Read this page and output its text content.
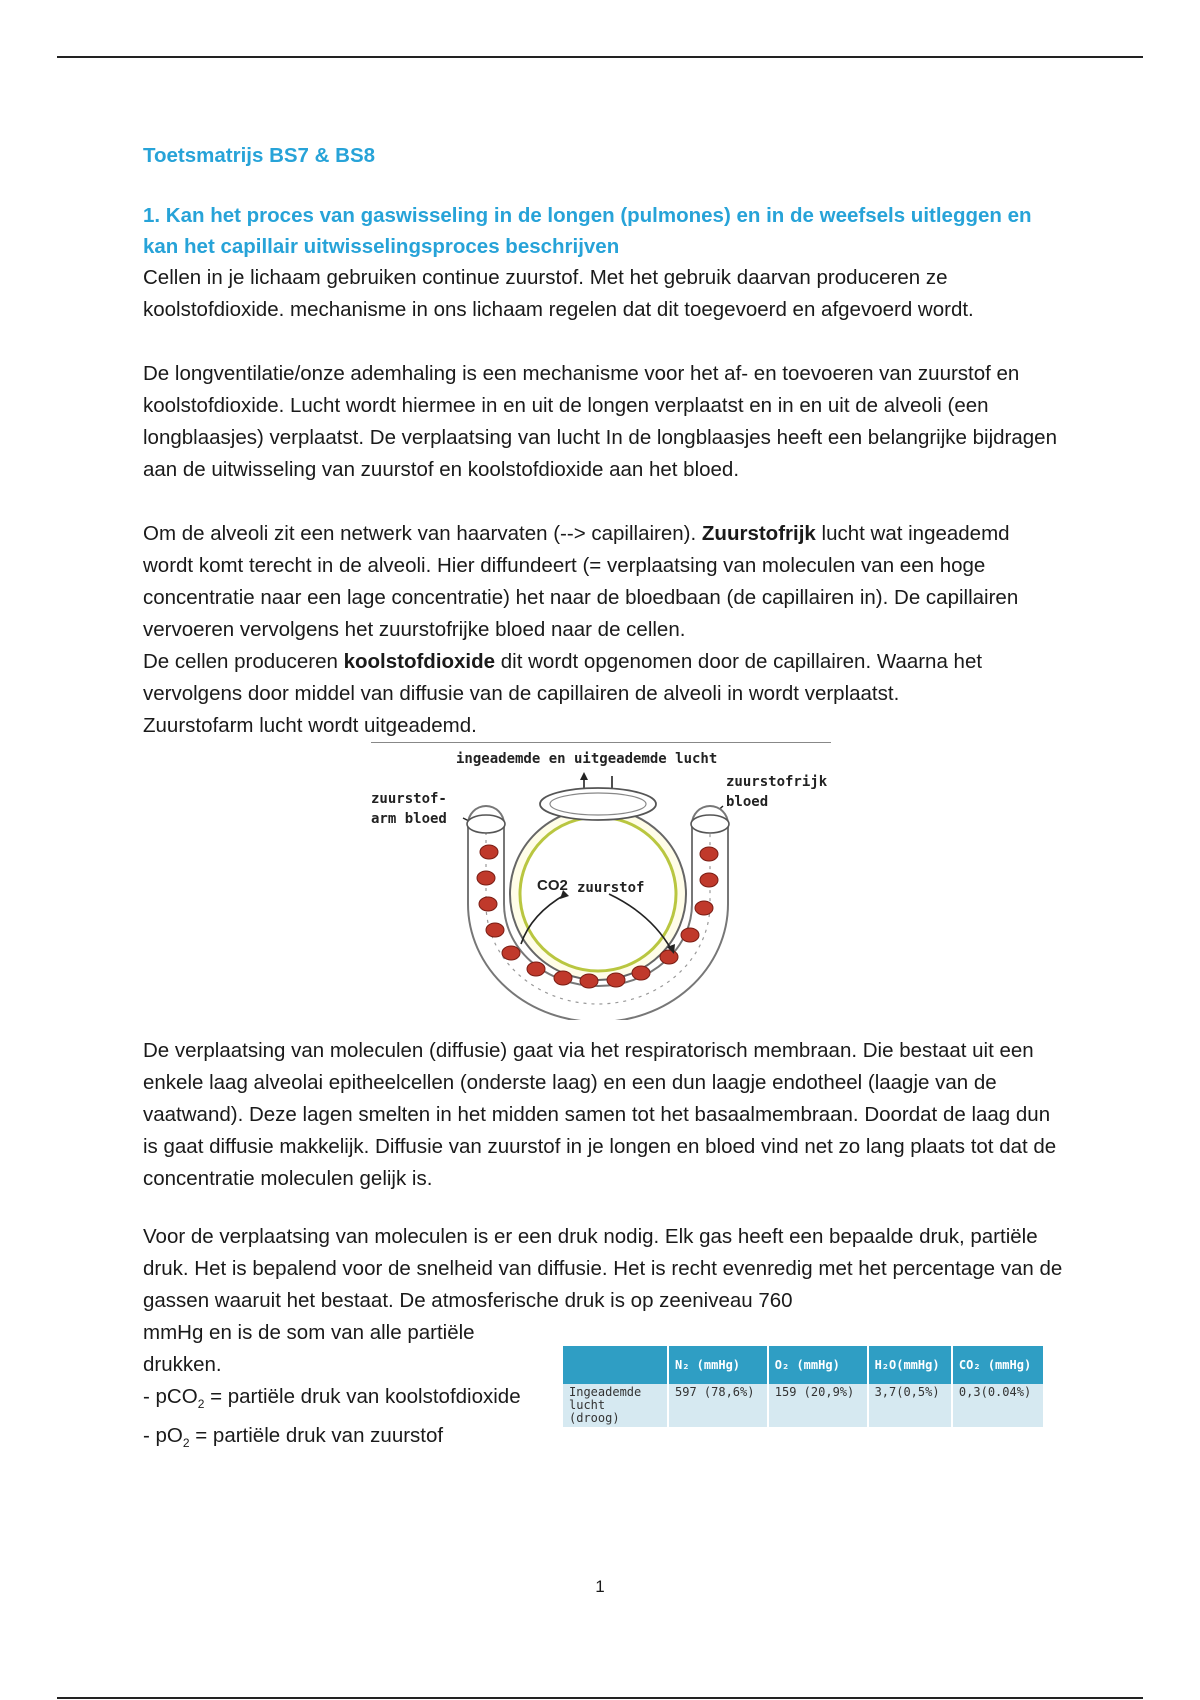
Toetsmatrijs BS7 & BS8
1. Kan het proces van gaswisseling in de longen (pulmones) en in de weefsels uitleggen en kan het capillair uitwisselingsproces beschrijven

Cellen in je lichaam gebruiken continue zuurstof. Met het gebruik daarvan produceren ze koolstofdioxide. mechanisme in ons lichaam regelen dat dit toegevoerd en afgevoerd wordt.

De longventilatie/onze ademhaling is een mechanisme voor het af- en toevoeren van zuurstof en koolstofdioxide. Lucht wordt hiermee in en uit de longen verplaatst en in en uit de alveoli (een longblaasjes) verplaatst. De verplaatsing van lucht In de longblaasjes heeft een belangrijke bijdragen aan de uitwisseling van zuurstof en koolstofdioxide aan het bloed.

Om de alveoli zit een netwerk van haarvaten (--> capillairen). Zuurstofrijk lucht wat ingeademd wordt komt terecht in de alveoli. Hier diffundeert (= verplaatsing van moleculen van een hoge concentratie naar een lage concentratie) het naar de bloedbaan (de capillairen in). De capillairen vervoeren vervolgens het zuurstofrijke bloed naar de cellen.

De cellen produceren koolstofdioxide dit wordt opgenomen door de capillairen. Waarna het vervolgens door middel van diffusie van de capillairen de alveoli in wordt verplaatst.

Zuurstofarm lucht wordt uitgeademd.

ingeademde en uitgeademde lucht
zuurstof-
arm bloed
zuurstofrijk
bloed
CO2 zuurstof

De verplaatsing van moleculen (diffusie) gaat via het respiratorisch membraan. Die bestaat uit een enkele laag alveolai epitheelcellen (onderste laag) en een dun laagje endotheel (laagje van de vaatwand). Deze lagen smelten in het midden samen tot het basaalmembraan. Doordat de laag dun is gaat diffusie makkelijk. Diffusie van zuurstof in je longen en bloed vind net zo lang plaats tot dat de concentratie moleculen gelijk is.

Voor de verplaatsing van moleculen is er een druk nodig. Elk gas heeft een bepaalde druk, partiële druk. Het is bepalend voor de snelheid van diffusie. Het is recht evenredig met het percentage van de gassen waaruit het bestaat. De atmosferische druk is op zeeniveau 760

mmHg en is de som van alle partiële drukken.

- pCO$_2$ = partiële druk van koolstofdioxide

- $pO_2$ = partiële druk van zuurstof

	N₂ (mmHg)	O₂ (mmHg)	H₂O(mmHg)	CO₂ (mmHg)
Ingeademde lucht (droog)	597 (78,6%)	159 (20,9%)	3,7(0,5%)	0,3(0.04%)
1
